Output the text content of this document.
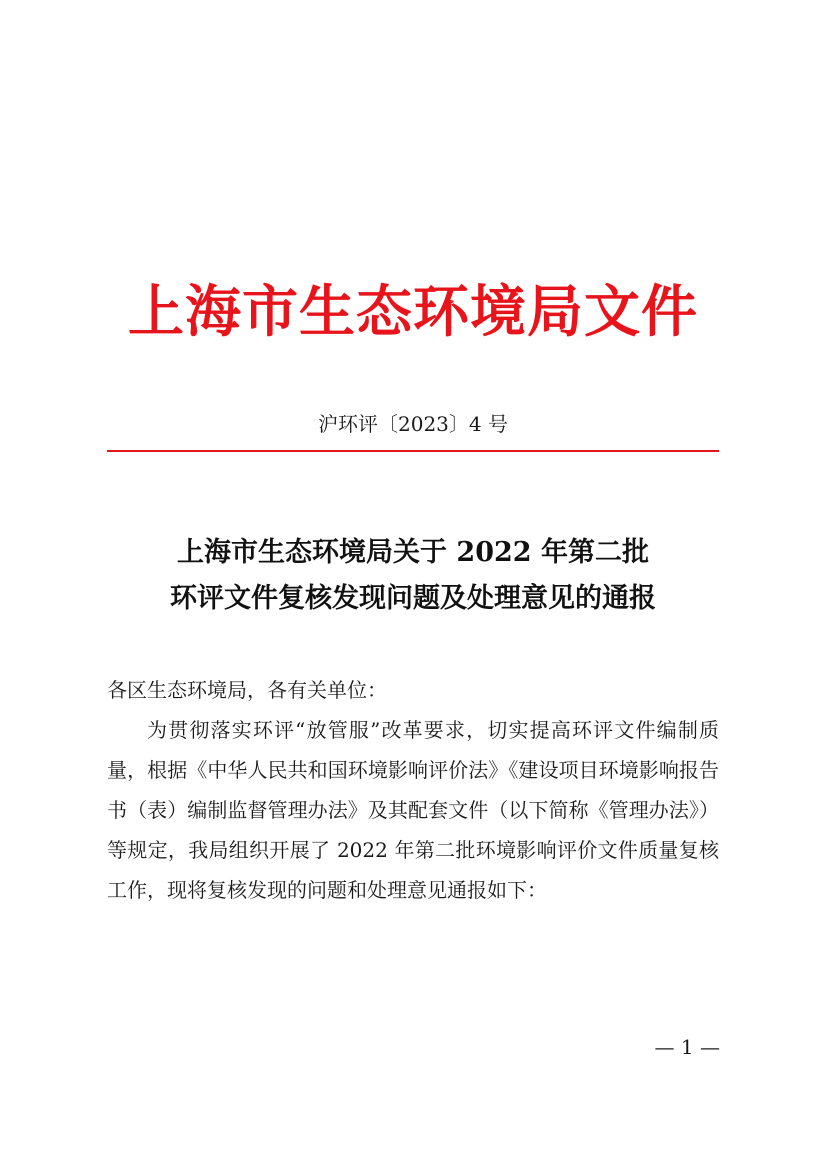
上海市生态环境局文件
沪环评〔2023〕4 号
上海市生态环境局关于 2022 年第二批
环评文件复核发现问题及处理意见的通报
各区生态环境局，各有关单位：

为贯彻落实环评“放管服”改革要求，切实提高环评文件编制质量，根据《中华人民共和国环境影响评价法》《建设项目环境影响报告书（表）编制监督管理办法》及其配套文件（以下简称《管理办法》）等规定，我局组织开展了 2022 年第二批环境影响评价文件质量复核工作，现将复核发现的问题和处理意见通报如下：

— 1 —
